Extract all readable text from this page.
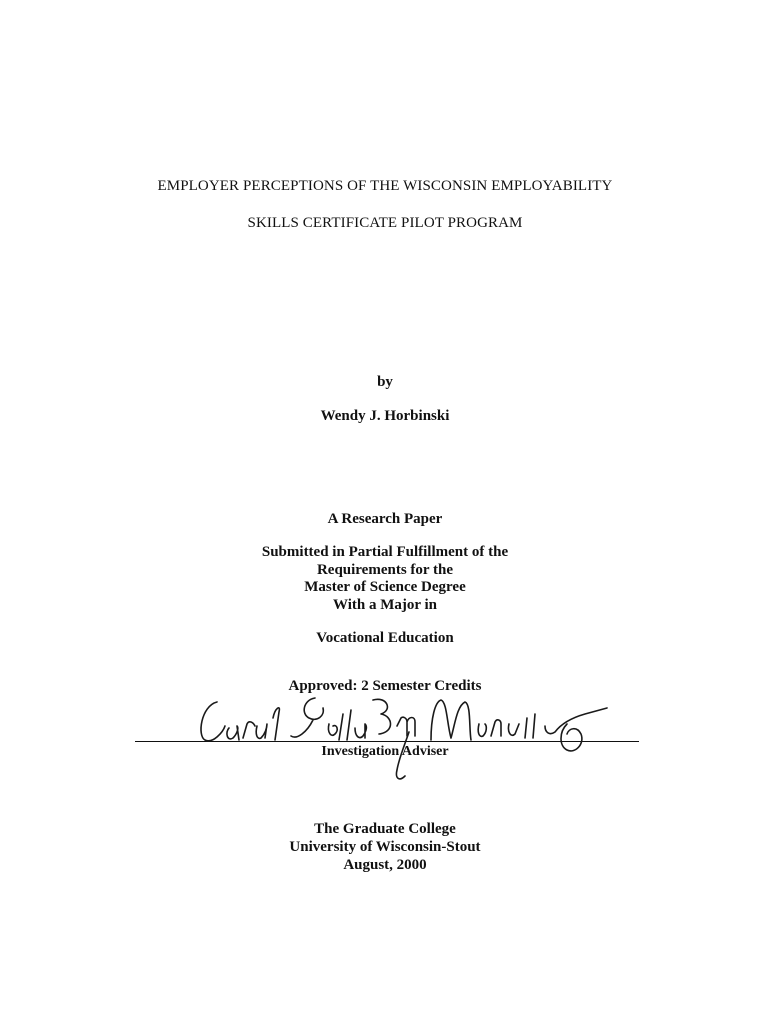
EMPLOYER PERCEPTIONS OF THE WISCONSIN EMPLOYABILITY
SKILLS CERTIFICATE PILOT PROGRAM
by
Wendy J. Horbinski
A Research Paper
Submitted in Partial Fulfillment of the
Requirements for the
Master of Science Degree
With a Major in
Vocational Education
Approved: 2 Semester Credits
Investigation Adviser
The Graduate College
University of Wisconsin-Stout
August, 2000
